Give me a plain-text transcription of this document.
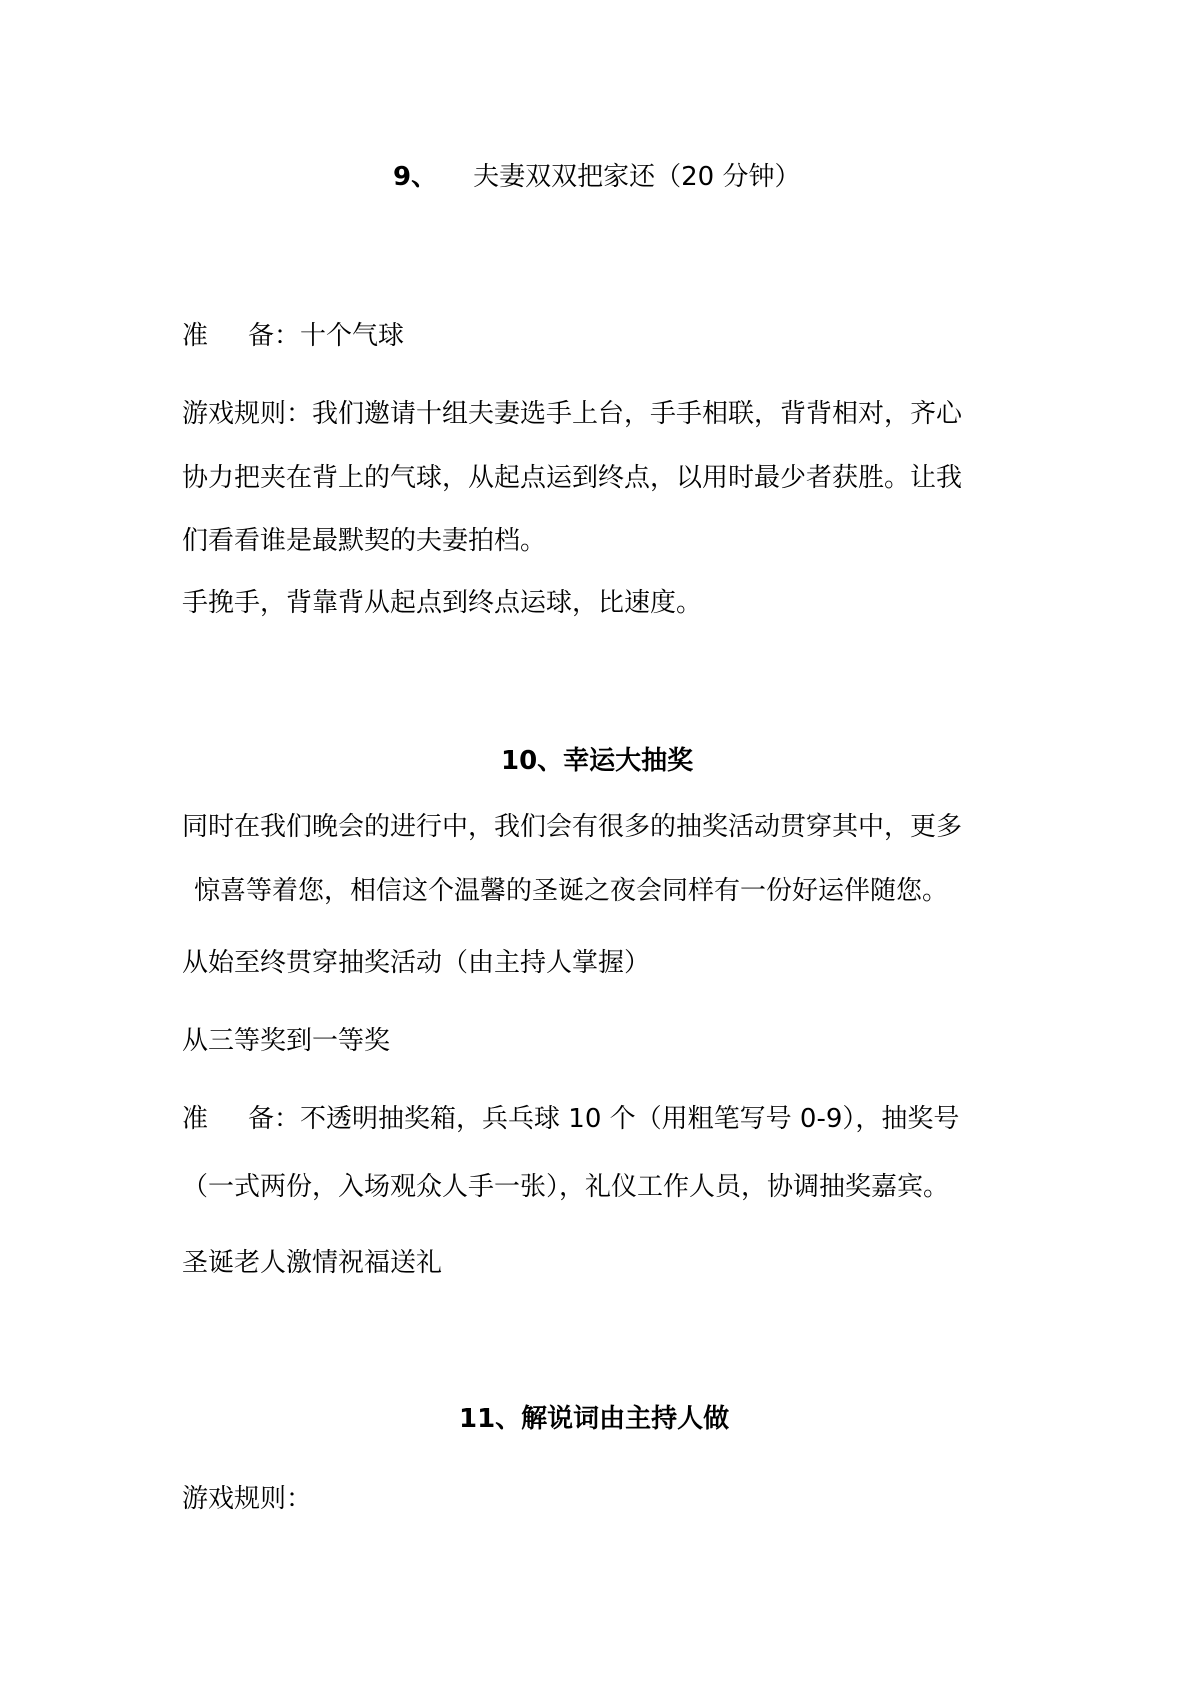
9、 夫妻双双把家还（20 分钟）
准 备：十个气球
游戏规则：我们邀请十组夫妻选手上台，手手相联，背背相对，齐心
协力把夹在背上的气球，从起点运到终点，以用时最少者获胜。让我
们看看谁是最默契的夫妻拍档。
手挽手，背靠背从起点到终点运球，比速度。
10、幸运大抽奖
同时在我们晚会的进行中，我们会有很多的抽奖活动贯穿其中，更多
惊喜等着您，相信这个温馨的圣诞之夜会同样有一份好运伴随您。
从始至终贯穿抽奖活动（由主持人掌握）
从三等奖到一等奖
准 备：不透明抽奖箱，兵乓球 10 个（用粗笔写号 0-9），抽奖号
（一式两份，入场观众人手一张），礼仪工作人员，协调抽奖嘉宾。
圣诞老人激情祝福送礼
11、解说词由主持人做
游戏规则：
